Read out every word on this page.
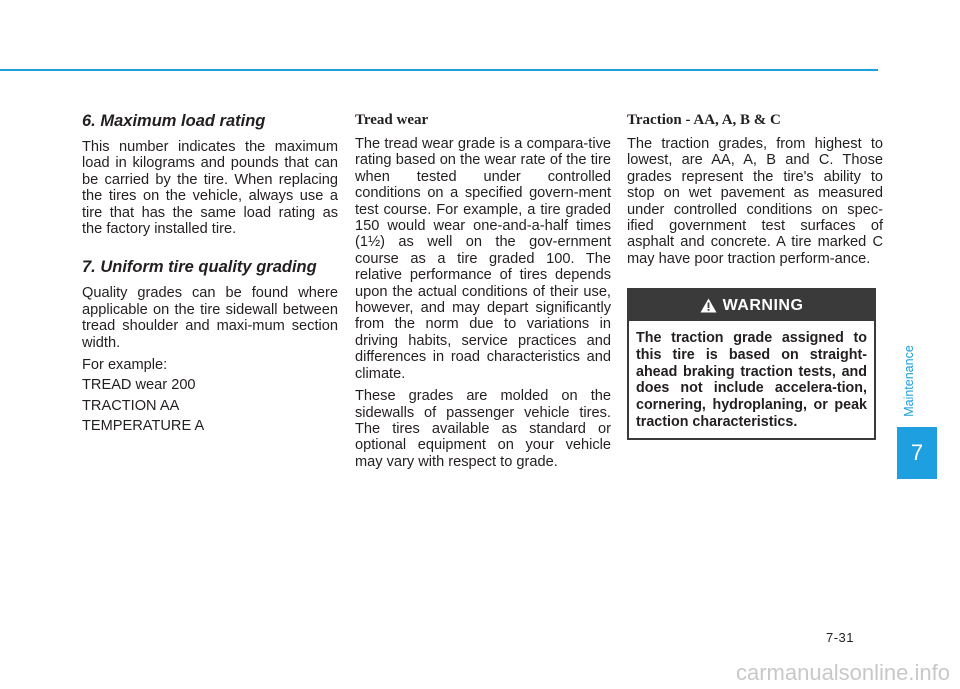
6. Maximum load rating

This number indicates the maximum load in kilograms and pounds that can be carried by the tire. When replacing the tires on the vehicle, always use a tire that has the same load rating as the factory installed tire.

7. Uniform tire quality grading

Quality grades can be found where applicable on the tire sidewall between tread shoulder and maxi-mum section width.

For example:

TREAD wear 200

TRACTION AA

TEMPERATURE A

Tread wear

The tread wear grade is a compara-tive rating based on the wear rate of the tire when tested under controlled conditions on a specified govern-ment test course. For example, a tire graded 150 would wear one-and-a-half times (1½) as well on the gov-ernment course as a tire graded 100. The relative performance of tires depends upon the actual conditions of their use, however, and may depart significantly from the norm due to variations in driving habits, service practices and differences in road characteristics and climate.

These grades are molded on the sidewalls of passenger vehicle tires. The tires available as standard or optional equipment on your vehicle may vary with respect to grade.

Traction - AA, A, B & C

The traction grades, from highest to lowest, are AA, A, B and C. Those grades represent the tire's ability to stop on wet pavement as measured under controlled conditions on spec-ified government test surfaces of asphalt and concrete. A tire marked C may have poor traction perform-ance.

WARNING
The traction grade assigned to this tire is based on straight-ahead braking traction tests, and does not include accelera-tion, cornering, hydroplaning, or peak traction characteristics.
Maintenance
7
7-31
carmanualsonline.info
